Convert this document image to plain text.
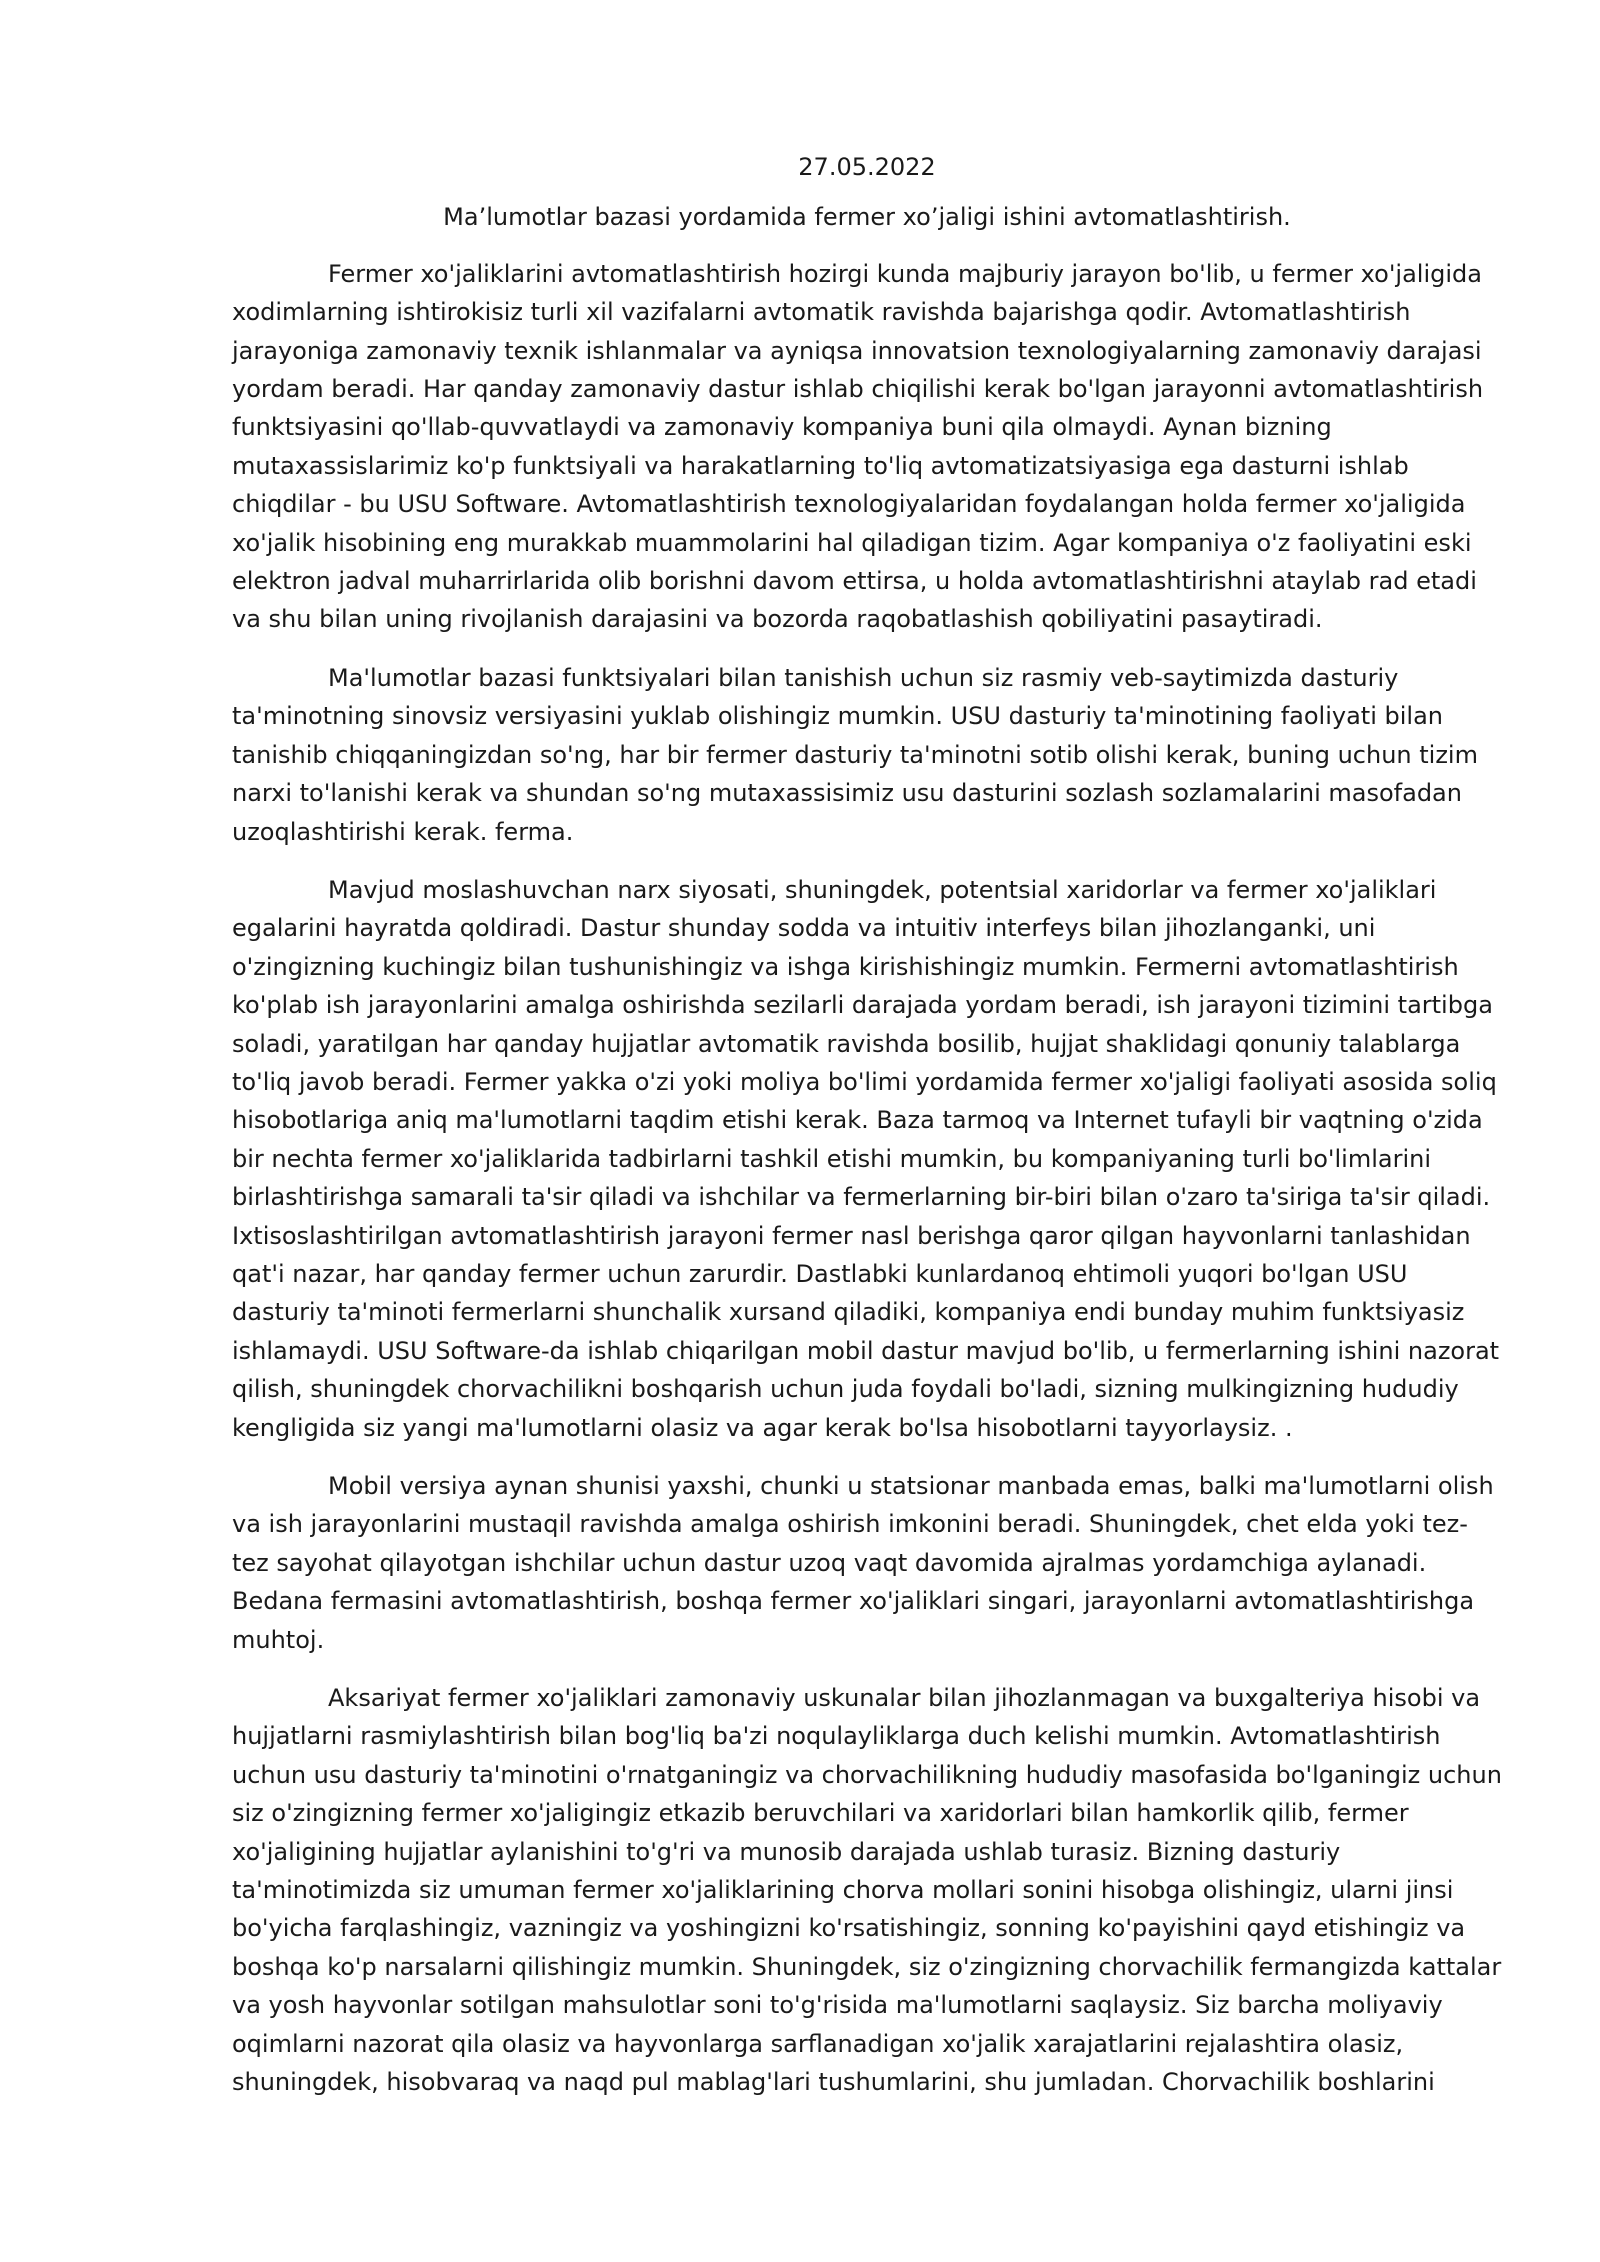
27.05.2022

Ma’lumotlar bazasi yordamida fermer xo’jaligi ishini avtomatlashtirish.

Fermer xo'jaliklarini avtomatlashtirish hozirgi kunda majburiy jarayon bo'lib, u fermer xo'jaligida xodimlarning ishtirokisiz turli xil vazifalarni avtomatik ravishda bajarishga qodir. Avtomatlashtirish jarayoniga zamonaviy texnik ishlanmalar va ayniqsa innovatsion texnologiyalarning zamonaviy darajasi yordam beradi. Har qanday zamonaviy dastur ishlab chiqilishi kerak bo'lgan jarayonni avtomatlashtirish funktsiyasini qo'llab-quvvatlaydi va zamonaviy kompaniya buni qila olmaydi. Aynan bizning mutaxassislarimiz ko'p funktsiyali va harakatlarning to'liq avtomatizatsiyasiga ega dasturni ishlab chiqdilar - bu USU Software. Avtomatlashtirish texnologiyalaridan foydalangan holda fermer xo'jaligida xo'jalik hisobining eng murakkab muammolarini hal qiladigan tizim. Agar kompaniya o'z faoliyatini eski elektron jadval muharrirlarida olib borishni davom ettirsa, u holda avtomatlashtirishni ataylab rad etadi va shu bilan uning rivojlanish darajasini va bozorda raqobatlashish qobiliyatini pasaytiradi.

Ma'lumotlar bazasi funktsiyalari bilan tanishish uchun siz rasmiy veb-saytimizda dasturiy ta'minotning sinovsiz versiyasini yuklab olishingiz mumkin. USU dasturiy ta'minotining faoliyati bilan tanishib chiqqaningizdan so'ng, har bir fermer dasturiy ta'minotni sotib olishi kerak, buning uchun tizim narxi to'lanishi kerak va shundan so'ng mutaxassisimiz usu dasturini sozlash sozlamalarini masofadan uzoqlashtirishi kerak. ferma.

Mavjud moslashuvchan narx siyosati, shuningdek, potentsial xaridorlar va fermer xo'jaliklari egalarini hayratda qoldiradi. Dastur shunday sodda va intuitiv interfeys bilan jihozlanganki, uni o'zingizning kuchingiz bilan tushunishingiz va ishga kirishishingiz mumkin. Fermerni avtomatlashtirish ko'plab ish jarayonlarini amalga oshirishda sezilarli darajada yordam beradi, ish jarayoni tizimini tartibga soladi, yaratilgan har qanday hujjatlar avtomatik ravishda bosilib, hujjat shaklidagi qonuniy talablarga to'liq javob beradi. Fermer yakka o'zi yoki moliya bo'limi yordamida fermer xo'jaligi faoliyati asosida soliq hisobotlariga aniq ma'lumotlarni taqdim etishi kerak. Baza tarmoq va Internet tufayli bir vaqtning o'zida bir nechta fermer xo'jaliklarida tadbirlarni tashkil etishi mumkin, bu kompaniyaning turli bo'limlarini birlashtirishga samarali ta'sir qiladi va ishchilar va fermerlarning bir-biri bilan o'zaro ta'siriga ta'sir qiladi. Ixtisoslashtirilgan avtomatlashtirish jarayoni fermer nasl berishga qaror qilgan hayvonlarni tanlashidan qat'i nazar, har qanday fermer uchun zarurdir. Dastlabki kunlardanoq ehtimoli yuqori bo'lgan USU dasturiy ta'minoti fermerlarni shunchalik xursand qiladiki, kompaniya endi bunday muhim funktsiyasiz ishlamaydi. USU Software-da ishlab chiqarilgan mobil dastur mavjud bo'lib, u fermerlarning ishini nazorat qilish, shuningdek chorvachilikni boshqarish uchun juda foydali bo'ladi, sizning mulkingizning hududiy kengligida siz yangi ma'lumotlarni olasiz va agar kerak bo'lsa hisobotlarni tayyorlaysiz. .

Mobil versiya aynan shunisi yaxshi, chunki u statsionar manbada emas, balki ma'lumotlarni olish va ish jarayonlarini mustaqil ravishda amalga oshirish imkonini beradi. Shuningdek, chet elda yoki tez-tez sayohat qilayotgan ishchilar uchun dastur uzoq vaqt davomida ajralmas yordamchiga aylanadi. Bedana fermasini avtomatlashtirish, boshqa fermer xo'jaliklari singari, jarayonlarni avtomatlashtirishga muhtoj.

Aksariyat fermer xo'jaliklari zamonaviy uskunalar bilan jihozlanmagan va buxgalteriya hisobi va hujjatlarni rasmiylashtirish bilan bog'liq ba'zi noqulayliklarga duch kelishi mumkin. Avtomatlashtirish uchun usu dasturiy ta'minotini o'rnatganingiz va chorvachilikning hududiy masofasida bo'lganingiz uchun siz o'zingizning fermer xo'jaligingiz etkazib beruvchilari va xaridorlari bilan hamkorlik qilib, fermer xo'jaligining hujjatlar aylanishini to'g'ri va munosib darajada ushlab turasiz. Bizning dasturiy ta'minotimizda siz umuman fermer xo'jaliklarining chorva mollari sonini hisobga olishingiz, ularni jinsi bo'yicha farqlashingiz, vazningiz va yoshingizni ko'rsatishingiz, sonning ko'payishini qayd etishingiz va boshqa ko'p narsalarni qilishingiz mumkin. Shuningdek, siz o'zingizning chorvachilik fermangizda kattalar va yosh hayvonlar sotilgan mahsulotlar soni to'g'risida ma'lumotlarni saqlaysiz. Siz barcha moliyaviy oqimlarni nazorat qila olasiz va hayvonlarga sarflanadigan xo'jalik xarajatlarini rejalashtira olasiz, shuningdek, hisobvaraq va naqd pul mablag'lari tushumlarini, shu jumladan. Chorvachilik boshlarini
